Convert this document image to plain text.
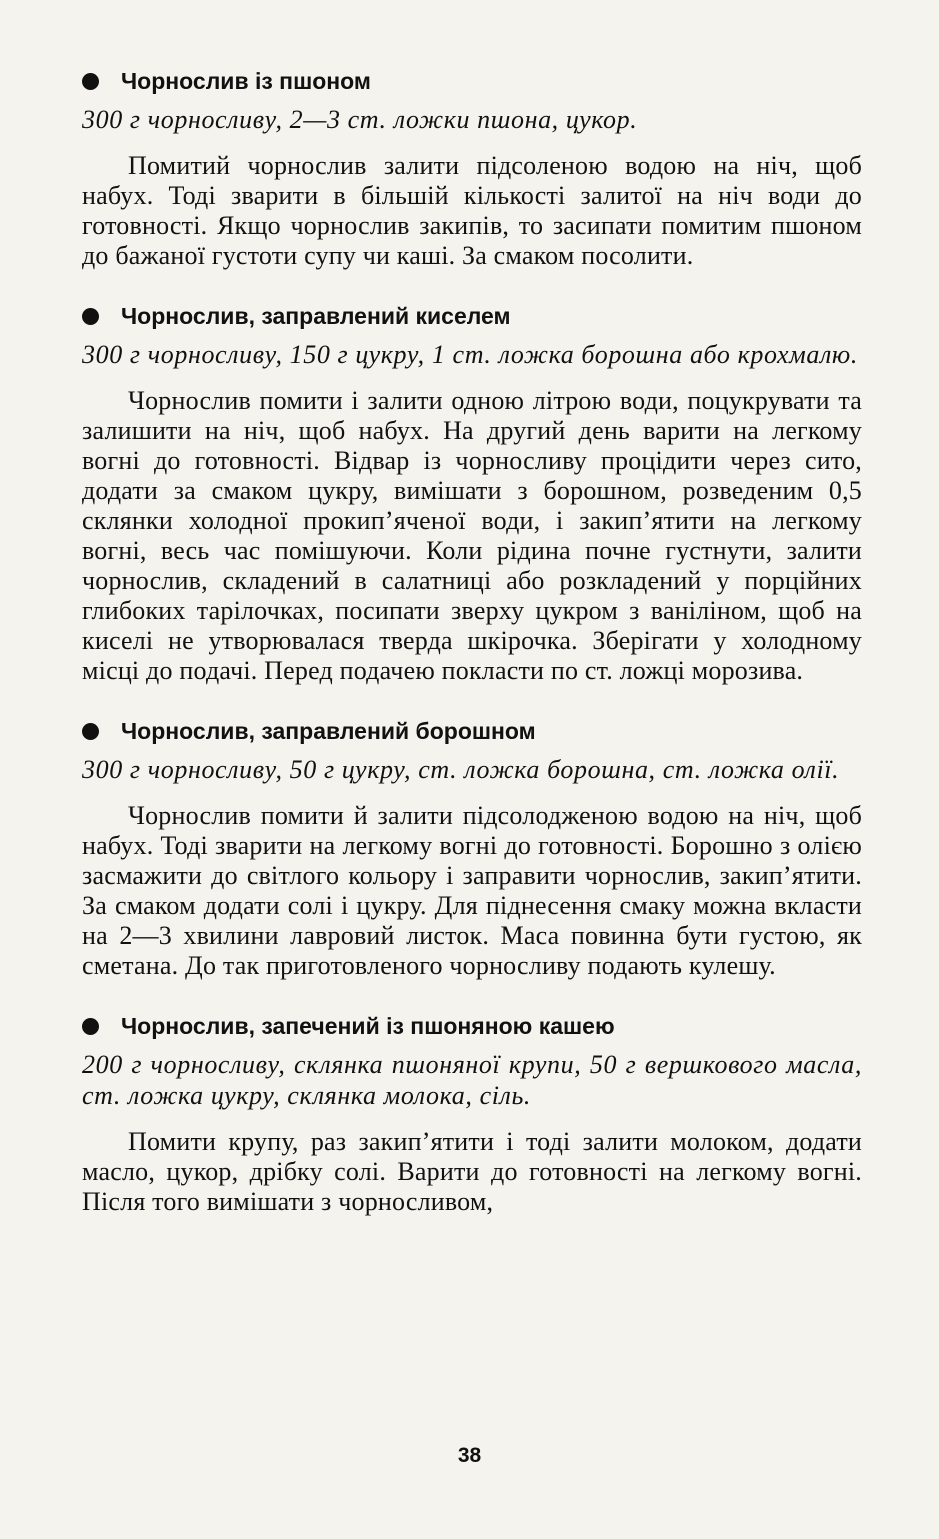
Чорнослив із пшоном

300 г чорносливу, 2—3 ст. ложки пшона, цукор.

Помитий чорнослив залити підсоленою водою на ніч, щоб набух. Тоді зварити в більшій кількості залитої на ніч води до готовності. Якщо чорнослив закипів, то засипати помитим пшоном до бажаної густоти супу чи каші. За смаком посолити.

Чорнослив, заправлений киселем

300 г чорносливу, 150 г цукру, 1 ст. ложка борошна або крохмалю.

Чорнослив помити і залити одною літрою води, поцукрувати та залишити на ніч, щоб набух. На другий день варити на легкому вогні до готовності. Відвар із чорносливу процідити через сито, додати за смаком цукру, вимішати з борошном, розведеним 0,5 склянки холодної прокип’яченої води, і закип’ятити на легкому вогні, весь час помішуючи. Коли рідина почне густнути, залити чорнослив, складений в салатниці або розкладений у порційних глибоких тарілочках, посипати зверху цукром з ваніліном, щоб на киселі не утворювалася тверда шкірочка. Зберігати у холодному місці до подачі. Перед подачею покласти по ст. ложці морозива.

Чорнослив, заправлений борошном

300 г чорносливу, 50 г цукру, ст. ложка борошна, ст. ложка олії.

Чорнослив помити й залити підсолодженою водою на ніч, щоб набух. Тоді зварити на легкому вогні до готовності. Борошно з олією засмажити до світлого кольору і заправити чорнослив, закип’ятити. За смаком додати солі і цукру. Для піднесення смаку можна вкласти на 2—3 хвилини лавровий листок. Маса повинна бути густою, як сметана. До так приготовленого чорносливу подають кулешу.

Чорнослив, запечений із пшоняною кашею

200 г чорносливу, склянка пшоняної крупи, 50 г вершкового масла, ст. ложка цукру, склянка молока, сіль.

Помити крупу, раз закип’ятити і тоді залити молоком, додати масло, цукор, дрібку солі. Варити до готовності на легкому вогні. Після того вимішати з чорносливом,

38
